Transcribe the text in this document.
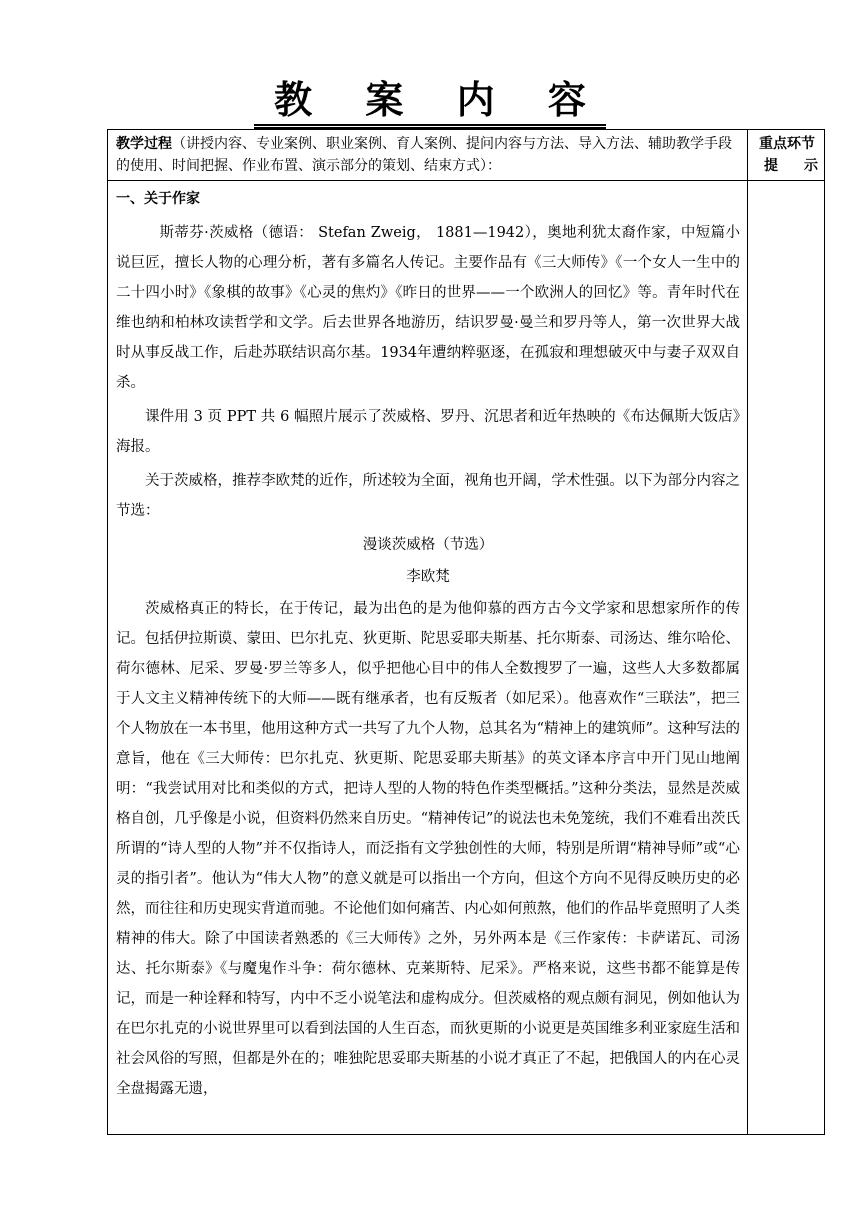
教 案 内 容
教学过程（讲授内容、专业案例、职业案例、育人案例、提问内容与方法、导入方法、辅助教学手段的使用、时间把握、作业布置、演示部分的策划、结束方式）：
重点环节
提 示
一、关于作家

斯蒂芬·茨威格（德语： Stefan Zweig， 1881—1942），奥地利犹太裔作家，中短篇小说巨匠，擅长人物的心理分析，著有多篇名人传记。主要作品有《三大师传》《一个女人一生中的二十四小时》《象棋的故事》《心灵的焦灼》《昨日的世界——一个欧洲人的回忆》等。青年时代在维也纳和柏林攻读哲学和文学。后去世界各地游历，结识罗曼·曼兰和罗丹等人，第一次世界大战时从事反战工作，后赴苏联结识高尔基。1934年遭纳粹驱逐，在孤寂和理想破灭中与妻子双双自杀。

课件用 3 页 PPT 共 6 幅照片展示了茨威格、罗丹、沉思者和近年热映的《布达佩斯大饭店》海报。

关于茨威格，推荐李欧梵的近作，所述较为全面，视角也开阔，学术性强。以下为部分内容之节选：

漫谈茨威格（节选）
李欧梵

茨威格真正的特长，在于传记，最为出色的是为他仰慕的西方古今文学家和思想家所作的传记。包括伊拉斯谟、蒙田、巴尔扎克、狄更斯、陀思妥耶夫斯基、托尔斯泰、司汤达、维尔哈伦、荷尔德林、尼采、罗曼·罗兰等多人，似乎把他心目中的伟人全数搜罗了一遍，这些人大多数都属于人文主义精神传统下的大师——既有继承者，也有反叛者（如尼采）。他喜欢作“三联法”，把三个人物放在一本书里，他用这种方式一共写了九个人物，总其名为“精神上的建筑师”。这种写法的意旨，他在《三大师传：巴尔扎克、狄更斯、陀思妥耶夫斯基》的英文译本序言中开门见山地阐明：“我尝试用对比和类似的方式，把诗人型的人物的特色作类型概括。”这种分类法，显然是茨威格自创，几乎像是小说，但资料仍然来自历史。“精神传记”的说法也未免笼统，我们不难看出茨氏所谓的“诗人型的人物”并不仅指诗人，而泛指有文学独创性的大师，特别是所谓“精神导师”或“心灵的指引者”。他认为“伟大人物”的意义就是可以指出一个方向，但这个方向不见得反映历史的必然，而往往和历史现实背道而驰。不论他们如何痛苦、内心如何煎熬，他们的作品毕竟照明了人类精神的伟大。除了中国读者熟悉的《三大师传》之外，另外两本是《三作家传：卡萨诺瓦、司汤达、托尔斯泰》《与魔鬼作斗争：荷尔德林、克莱斯特、尼采》。严格来说，这些书都不能算是传记，而是一种诠释和特写，内中不乏小说笔法和虚构成分。但茨威格的观点颇有洞见，例如他认为在巴尔扎克的小说世界里可以看到法国的人生百态，而狄更斯的小说更是英国维多利亚家庭生活和社会风俗的写照，但都是外在的；唯独陀思妥耶夫斯基的小说才真正了不起，把俄国人的内在心灵全盘揭露无遗，
